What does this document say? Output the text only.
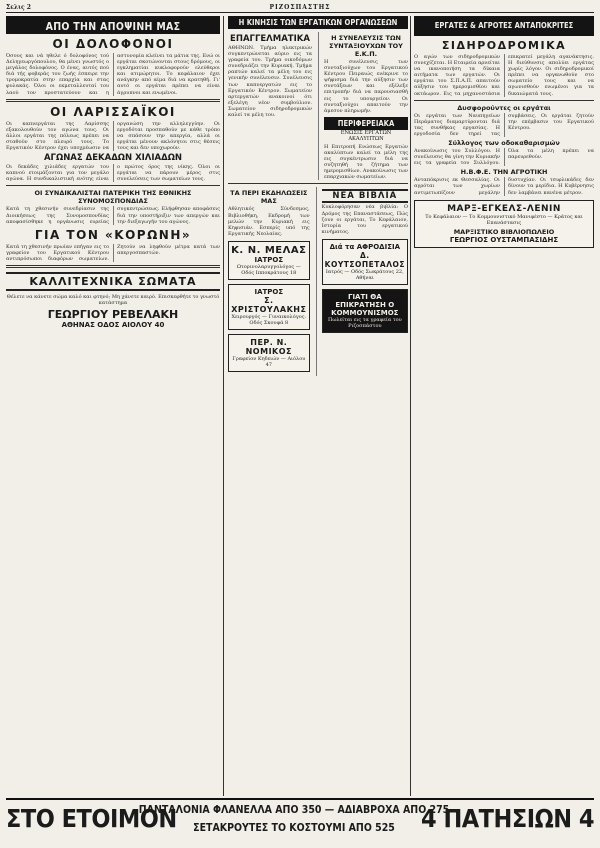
Σελις 2	ΡΙΖΟΣΠΑΣΤΗΣ
ΑΠΟ ΤΗΝ ΑΠΟΨΙΝΗ ΜΑΣ
ΟΙ ΔΟΛΟΦΟΝΟΙ
Όσους και νά ηθελε ό δολοφόνος τού Δεληγεωργόπουλου, θα μένει γνωστός ο μεγάλος δολοφόνος. Ο ένας, αυτός πού διά τής φοβεράς του ζωής έσπειρε την τρομοκρατία στην επαρχία και στας φυλακάς. Όλοι οι εκμεταλλευταί του λαού τον προστατεύουν και η αστυνομία κλείνει τα μάτια της. Ενώ οι εργάται σκοτώνονται στους δρόμους, οι εγκληματίαι κυκλοφορούν ελεύθεροι και ατιμώρητοι. Το κεφάλαιον έχει ανάγκην από αίμα διά να κρατηθή. Γι' αυτό οι εργάται πρέπει να είναι άγρυπνοι και ενωμένοι.
ΟΙ ΛΑΡΙΣΣΑΪΚΟΙ
Οι καπνεργάται της Λαρίσσης εξακολουθούν τον αγώνα τους. Οι άλλοι εργάται της πόλεως πρέπει να σταθούν στο πλευρό τους. Το Εργατικόν Κέντρον έχει υποχρέωσιν να οργανώση την αλληλεγγύην. Οι εργοδόται προσπαθούν με κάθε τρόπο να σπάσουν την απεργία, αλλά οι εργάται μένουν ακλόνητοι στις θέσεις τους και δεν υποχωρούν.
ΑΓΩΝΑΣ ΔΕΚΑΔΩΝ ΧΙΛΙΑΔΩΝ
Οι δεκάδες χιλιάδες εργατών του καπνού ετοιμάζονται για τον μεγάλο αγώνα. Η συνδικαλιστική ενότης είναι ο πρώτος όρος της νίκης. Όλοι οι εργάται να πάρουν μέρος στις συνελεύσεις των σωματείων τους.
ΟΙ ΣΥΝΔΙΚΑΛΙΣΤΑΙ ΠΑΤΕΡΙΚΗ ΤΗΣ ΕΘΝΙΚΗΣ ΣΥΝΟΜΟΣΠΟΝΔΙΑΣ
Κατά τη χθεσινήν συνεδρίασιν της Διοικήσεως της Συνομοσπονδίας αποφασίσθηκε η οργάνωσις ευρείας συγκεντρώσεως. Ελήφθησαν αποφάσεις διά την υποστήριξιν των απεργών και την διεξαγωγήν του αγώνος.
ΓΙΑ ΤΟΝ «ΚΟΡΩΝΗ»
Κατά τη χθεσινήν πρωίαν επήγαν εις το γραφείον του Εργατικού Κέντρου αντιπρόσωποι διαφόρων σωματείων. Ζητούν να ληφθούν μέτρα κατά των απεργοσπαστών.
ΚΑΛΛΙΤΕΧΝΙΚΑ ΣΩΜΑΤΑ
Θέλετε να κάνετε σώμα καλό και φτηνό; Μη χάνετε καιρό. Επισκεφθήτε το γνωστό κατάστημα
ΓΕΩΡΓΙΟΥ ΡΕΒΕΛΑΚΗ
ΑΘΗΝΑΣ ΟΔΟΣ ΑΙΟΛΟΥ 40
Η ΚΙΝΗΣΙΣ ΤΩΝ ΕΡΓΑΤΙΚΩΝ ΟΡΓΑΝΩΣΕΩΝ
ΕΠΑΓΓΕΛΜΑΤΙΚΑ
ΑΘΗΝΩΝ. Τμήμα ηλεκτρικών συγκεντρώνεται αύριο εις τα γραφεία του. Τμήμα οικοδόμων συνεδριάζει την Κυριακή. Τμήμα ραπτών καλεί τα μέλη του εις γενικήν συνέλευσιν. Συνέλευσις των καπνεργατών εις το Εργατικόν Κέντρον. Σωματείον αρτεργατών ανακοινοί ότι εξελέγη νέον συμβούλιον. Σωματείον σιδηροδρομικών καλεί τα μέλη του.
Η ΣΥΝΕΛΕΥΣΙΣ ΤΩΝ ΣΥΝΤΑΞΙΟΥΧΩΝ ΤΟΥ Ε.Κ.Π.
Η συνέλευσις των συνταξιούχων του Εργατικού Κέντρου Πειραιώς ενέκρινε το ψήφισμα διά την αύξησιν των συντάξεων και εξέλεξε επιτροπήν διά να παρουσιασθή εις το υπουργείον. Οι συνταξιούχοι απαιτούν την άμεσον πληρωμήν.
ΠΕΡΙΦΕΡΕΙΑΚΑ
ΕΝΩΣΙΣ ΕΡΓΑΤΩΝ ΑΚΑΛΥΠΤΩΝ
Η Επιτροπή Ενώσεως Εργατών ακαλύπτων καλεί τα μέλη της εις συγκέντρωσιν διά να συζητηθή το ζήτημα των ημερομισθίων. Ανακοίνωσις των επαρχιακών σωματείων.
ΤΑ ΠΕΡΙ ΕΚΔΗΛΩΣΕΙΣ ΜΑΣ
Αθλητικός Σύνδεσμος, Βιβλιοθήκη, Εκδρομή των μελών την Κυριακή εις Κηφισιάν. Εσπερίς υπό της Εργατικής Νεολαίας.
Κ. Ν. ΜΕΛΑΣ
ΙΑΤΡΟΣ
Ωτορινολαρυγγολόγος — Οδός Ιπποκράτους 18
ΙΑΤΡΟΣ
Σ. ΧΡΙΣΤΟΥΛΑΚΗΣ
Χειρουργός — Γυναικολόγος. Οδός Σκουφά 8
ΠΕΡ. Ν. ΝΟΜΙΚΟΣ
Γραφείον Κηδειών — Αιόλου 47
ΝΕΑ ΒΙΒΛΙΑ
Κυκλοφόρησαν νέα βιβλία: Ο Δρόμος της Επαναστάσεως, Πώς ζουν οι εργάται, Το Κεφάλαιον, Ιστορία του εργατικού κινήματος.
Διά τα ΑΦΡΟΔΙΣΙΑ
Δ. ΚΟΥΤΣΟΠΕΤΑΛΟΣ
Ιατρός — Οδός Σωκράτους 22, Αθήναι
ΓΙΑΤΙ ΘΑ ΕΠΙΚΡΑΤΗΣΗ Ο ΚΟΜΜΟΥΝΙΣΜΟΣ
Πωλείται εις τα γραφεία του Ριζοσπάστου
ΕΡΓΑΤΕΣ & ΑΓΡΟΤΕΣ ΑΝΤΑΠΟΚΡΙΤΕΣ
ΣΙΔΗΡΟΔΡΟΜΙΚΑ
Ο αγών των σιδηροδρομικών συνεχίζεται. Η Εταιρεία αρνείται να ικανοποιήση τα δίκαια αιτήματα των εργατών. Οι εργάται του Σ.Π.Α.Π. απαιτούν αύξησιν του ημερομισθίου και οκτάωρον. Εις τα μηχανοστάσια επικρατεί μεγάλη αγανάκτησις. Η διεύθυνσις απολύει εργάτας χωρίς λόγον. Οι σιδηροδρομικοί πρέπει να οργανωθούν στο σωματείο τους και να αγωνισθούν ενωμένοι για τα δικαιώματά τους.
Δυσφορούντες οι εργάται
Οι εργάται των Ναυπηγείων Περάματος διαμαρτύρονται διά τας συνθήκας εργασίας. Η εργοδοσία δεν τηρεί τας συμβάσεις. Οι εργάται ζητούν την επέμβασιν του Εργατικού Κέντρου.
Σύλλογος των οδοκαθαρισμών
Ανακοίνωσις του Συλλόγου. Η συνέλευσις θα γίνη την Κυριακήν εις τα γραφεία του Συλλόγου. Όλα τα μέλη πρέπει να παρευρεθούν.
Η.Β.Φ.Ε. ΤΗΝ ΑΓΡΟΤΙΚΗ
Ανταπόκρισις εκ Θεσσαλίας. Οι αγρόται των χωρίων αντιμετωπίζουν μεγάλην δυστυχίαν. Οι τσιφλικάδες δεν δίνουν τα μερίδια. Η Κυβέρνησις δεν λαμβάνει κανένα μέτρον.
ΜΑΡΞ-ΕΓΚΕΛΣ-ΛΕΝΙΝ
Το Κεφάλαιον — Το Κομμουνιστικό Μανιφέστο — Κράτος και Επανάστασις
ΜΑΡΞΙΣΤΙΚΟ ΒΙΒΛΙΟΠΩΛΕΙΟ
ΓΕΩΡΓΙΟΣ ΟΥΣΤΑΜΠΑΣΙΔΗΣ
ΣΤΟ ΕΤΟΙΜΟΝ
ΠΑΝΤΑΛΟΝΙΑ ΦΛΑΝΕΛΛΑ ΑΠΟ 350 — ΑΔΙΑΒΡΟΧΑ ΑΠΟ 275
ΣΕΤΑΚΡΟΥΤΕΣ ΤΟ ΚΟΣΤΟΥΜΙ ΑΠΟ 525	4 ΠΑΤΗΣΙΩΝ 4
